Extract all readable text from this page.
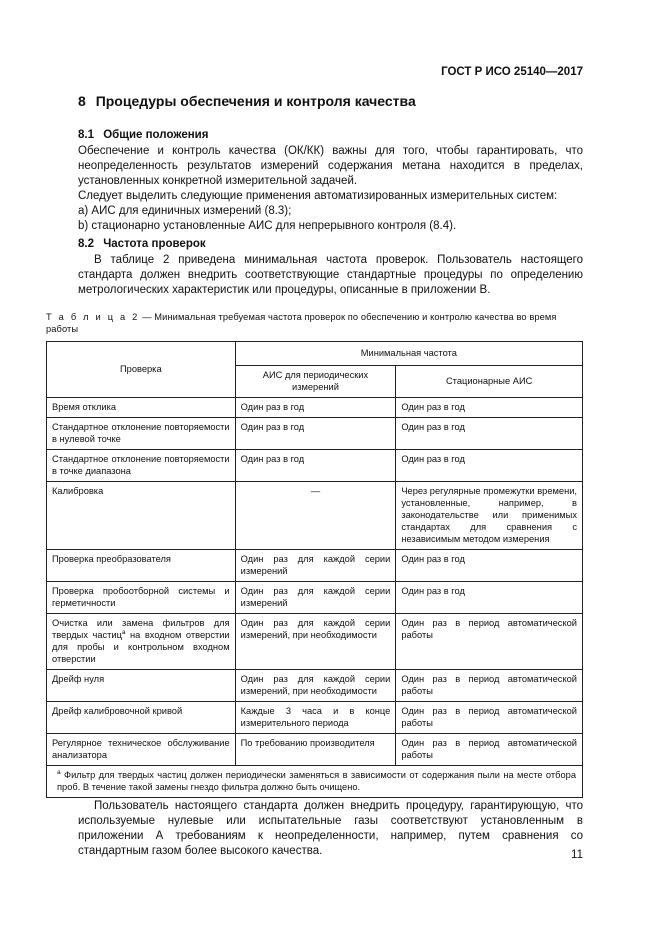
ГОСТ Р ИСО 25140—2017
8 Процедуры обеспечения и контроля качества
8.1 Общие положения
Обеспечение и контроль качества (ОК/КК) важны для того, чтобы гарантировать, что неопределенность результатов измерений содержания метана находится в пределах, установленных конкретной измерительной задачей.
Следует выделить следующие применения автоматизированных измерительных систем:
а) АИС для единичных измерений (8.3);
b) стационарно установленные АИС для непрерывного контроля (8.4).
8.2 Частота проверок
В таблице 2 приведена минимальная частота проверок. Пользователь настоящего стандарта должен внедрить соответствующие стандартные процедуры по определению метрологических характеристик или процедуры, описанные в приложении В.
Т а б л и ц а 2 — Минимальная требуемая частота проверок по обеспечению и контролю качества во время работы
Проверка	Минимальная частота	
	АИС для периодических измерений	Стационарные АИС
Время отклика	Один раз в год	Один раз в год
Стандартное отклонение повторяемости в нулевой точке	Один раз в год	Один раз в год
Стандартное отклонение повторяемости в точке диапазона	Один раз в год	Один раз в год
Калибровка	—	Через регулярные промежутки времени, установленные, например, в законодательстве или применимых стандартах для сравнения с независимым методом измерения
Проверка преобразователя	Один раз для каждой серии измерений	Один раз в год
Проверка пробоотборной системы и герметичности	Один раз для каждой серии измерений	Один раз в год
Очистка или замена фильтров для твердых частиц$^a$ на входном отверстии для пробы и контрольном входном отверстии	Один раз для каждой серии измерений, при необходимости	Один раз в период автоматической работы
Дрейф нуля	Один раз для каждой серии измерений, при необходимости	Один раз в период автоматической работы
Дрейф калибровочной кривой	Каждые 3 часа и в конце измерительного периода	Один раз в период автоматической работы
Регулярное техническое обслуживание анализатора	По требованию производителя	Один раз в период автоматической работы
$^a$ Фильтр для твердых частиц должен периодически заменяться в зависимости от содержания пыли на месте отбора проб. В течение такой замены гнездо фильтра должно быть очищено.		
Пользователь настоящего стандарта должен внедрить процедуру, гарантирующую, что используемые нулевые или испытательные газы соответствуют установленным в приложении А требованиям к неопределенности, например, путем сравнения со стандартным газом более высокого качества.	11
